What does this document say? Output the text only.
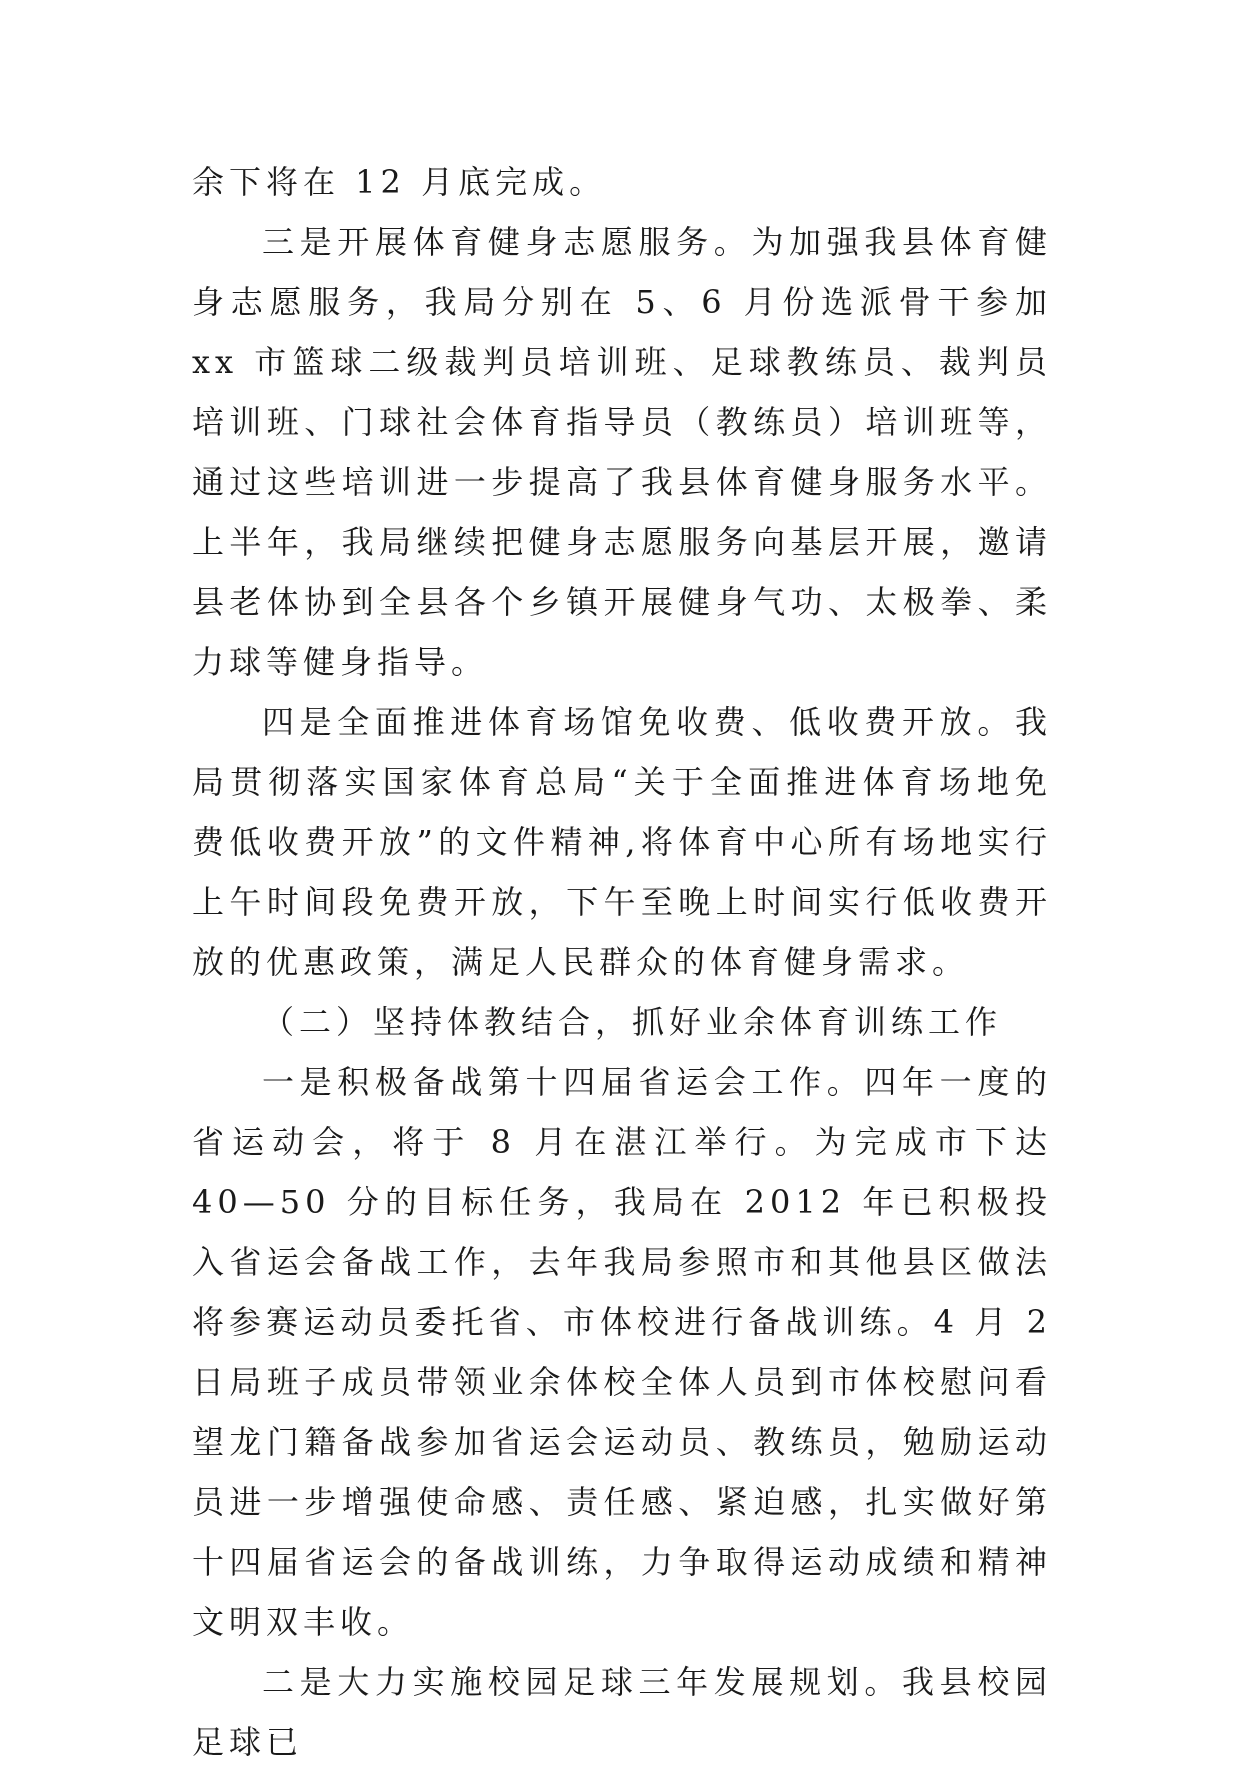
余下将在 12 月底完成。

三是开展体育健身志愿服务。为加强我县体育健身志愿服务，我局分别在 5、6 月份选派骨干参加 xx 市篮球二级裁判员培训班、足球教练员、裁判员培训班、门球社会体育指导员（教练员）培训班等，通过这些培训进一步提高了我县体育健身服务水平。上半年，我局继续把健身志愿服务向基层开展，邀请县老体协到全县各个乡镇开展健身气功、太极拳、柔力球等健身指导。

四是全面推进体育场馆免收费、低收费开放。我局贯彻落实国家体育总局“关于全面推进体育场地免费低收费开放”的文件精神,将体育中心所有场地实行上午时间段免费开放，下午至晚上时间实行低收费开放的优惠政策，满足人民群众的体育健身需求。

（二）坚持体教结合，抓好业余体育训练工作

一是积极备战第十四届省运会工作。四年一度的省运动会，将于 8 月在湛江举行。为完成市下达 40—50 分的目标任务，我局在 2012 年已积极投入省运会备战工作，去年我局参照市和其他县区做法将参赛运动员委托省、市体校进行备战训练。4 月 2 日局班子成员带领业余体校全体人员到市体校慰问看望龙门籍备战参加省运会运动员、教练员，勉励运动员进一步增强使命感、责任感、紧迫感，扎实做好第十四届省运会的备战训练，力争取得运动成绩和精神文明双丰收。

二是大力实施校园足球三年发展规划。我县校园足球已
